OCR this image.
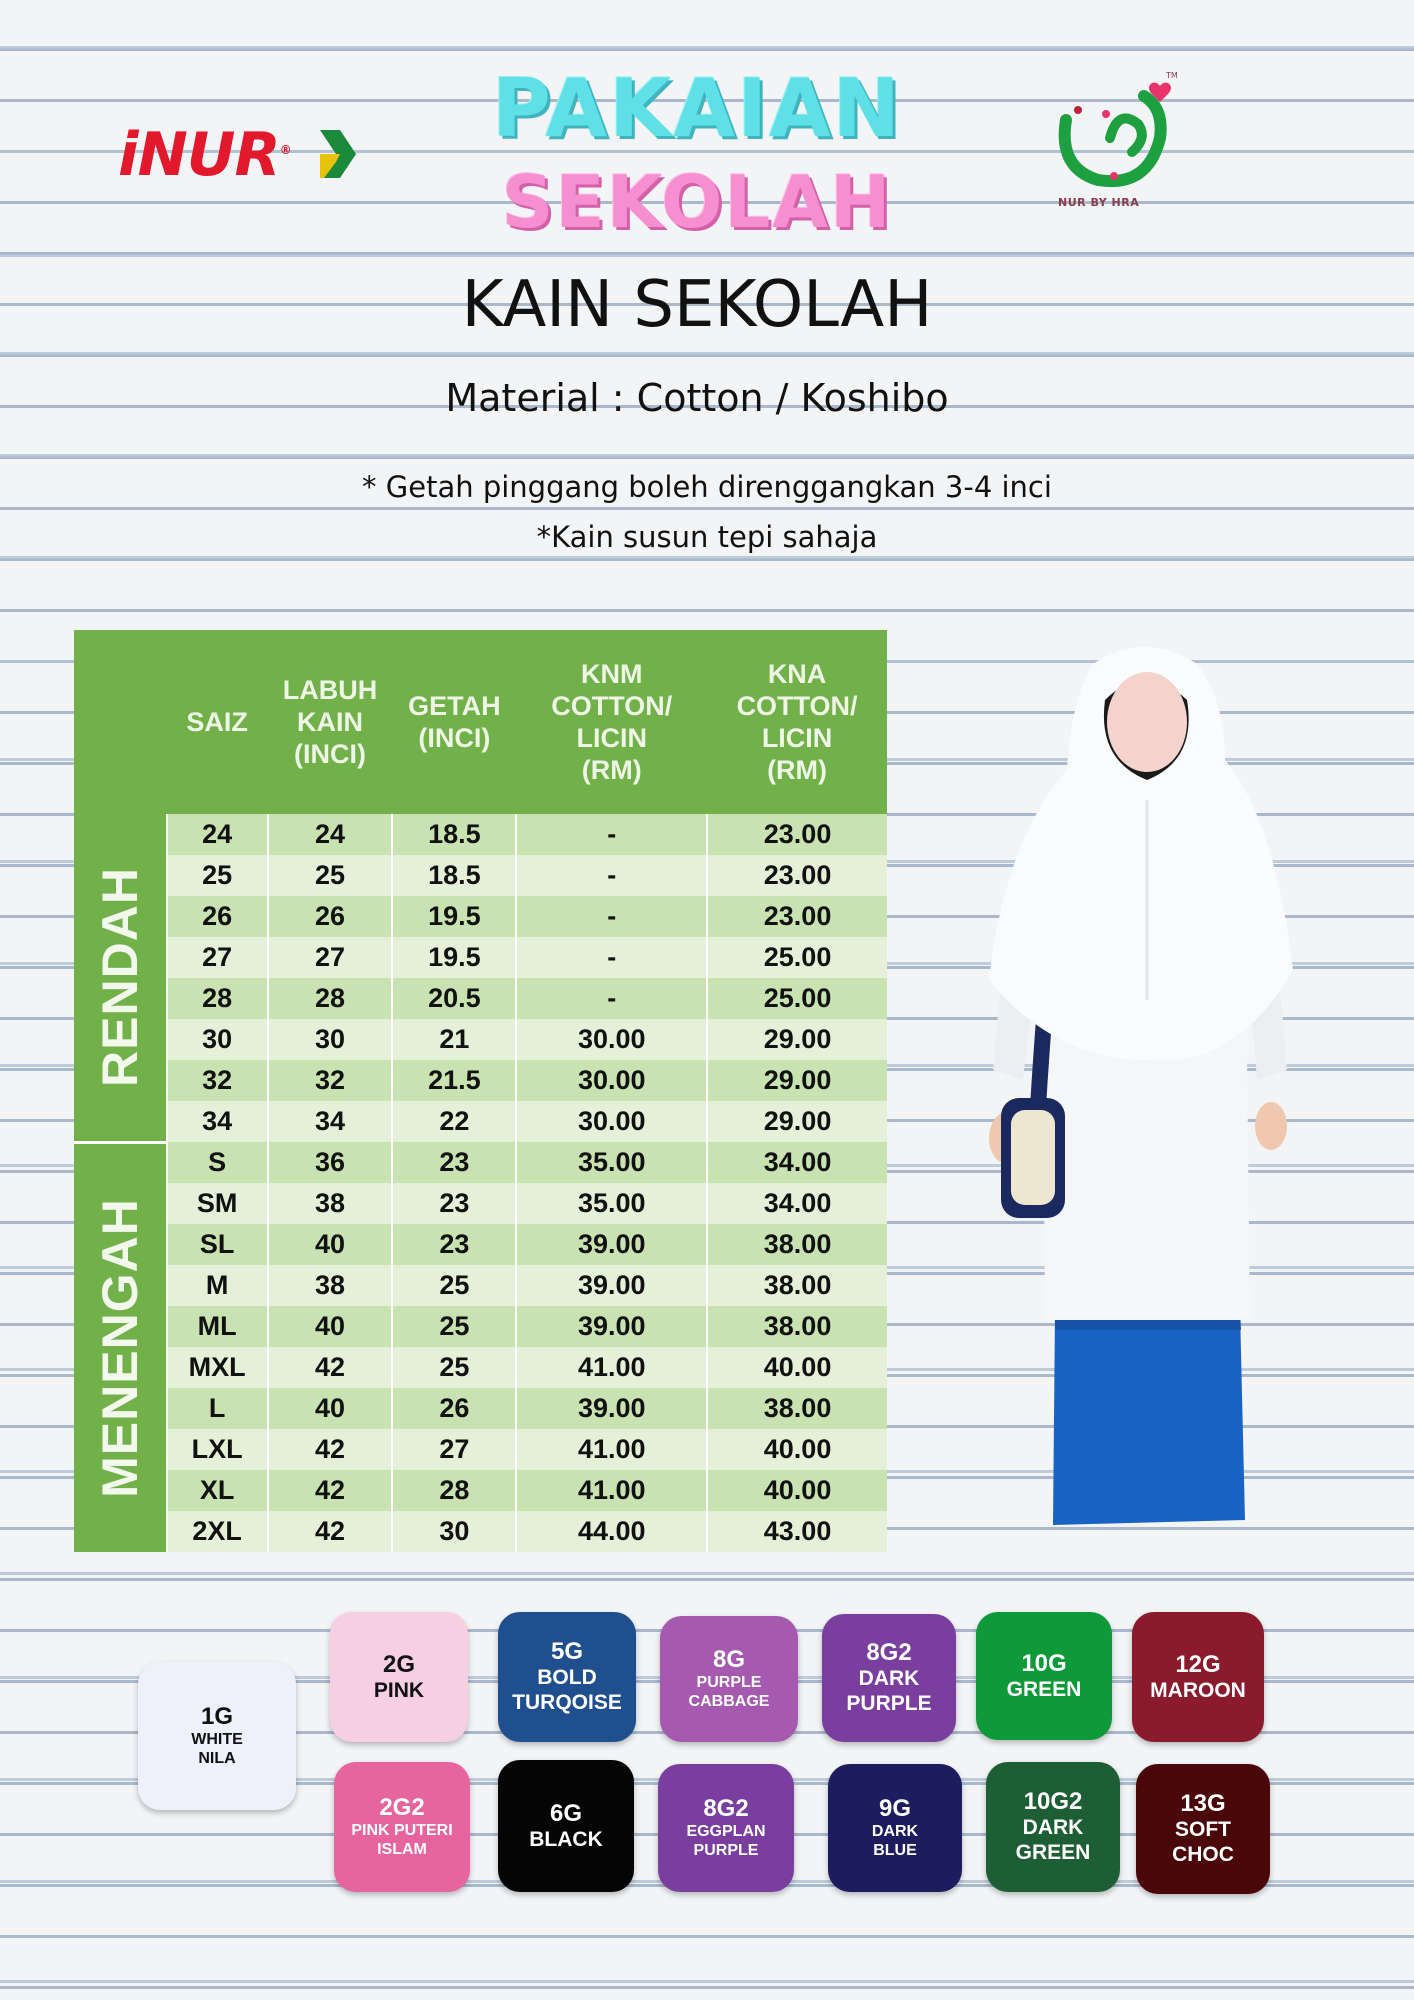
iNUR®	PAKAIAN
SEKOLAH
TM
NUR BY HRA
KAIN SEKOLAH
Material : Cotton / Koshibo
* Getah pinggang boleh direnggangkan 3-4 inci
*Kain susun tepi sahaja
	SAIZ	LABUH KAIN (INCI)	GETAH (INCI)	KNM COTTON/ LICIN (RM)	KNA COTTON/ LICIN (RM)

RENDAH	24	24	18.5	-	23.00
	25	25	18.5	-	23.00
	26	26	19.5	-	23.00
	27	27	19.5	-	25.00
	28	28	20.5	-	25.00
	30	30	21	30.00	29.00
	32	32	21.5	30.00	29.00
	34	34	22	30.00	29.00

MENENGAH	S	36	23	35.00	34.00
	SM	38	23	35.00	34.00
	SL	40	23	39.00	38.00
	M	38	25	39.00	38.00
	ML	40	25	39.00	38.00
	MXL	42	25	41.00	40.00
	L	40	26	39.00	38.00
	LXL	42	27	41.00	40.00
	XL	42	28	41.00	40.00
	2XL	42	30	44.00	43.00
1G
WHITE
NILA
2G
PINK
5G
BOLD
TURQOISE
8G
PURPLE
CABBAGE
8G2
DARK
PURPLE
10G
GREEN
12G
MAROON
2G2
PINK PUTERI
ISLAM
6G
BLACK
8G2
EGGPLAN
PURPLE
9G
DARK
BLUE
10G2
DARK
GREEN
13G
SOFT
CHOC
